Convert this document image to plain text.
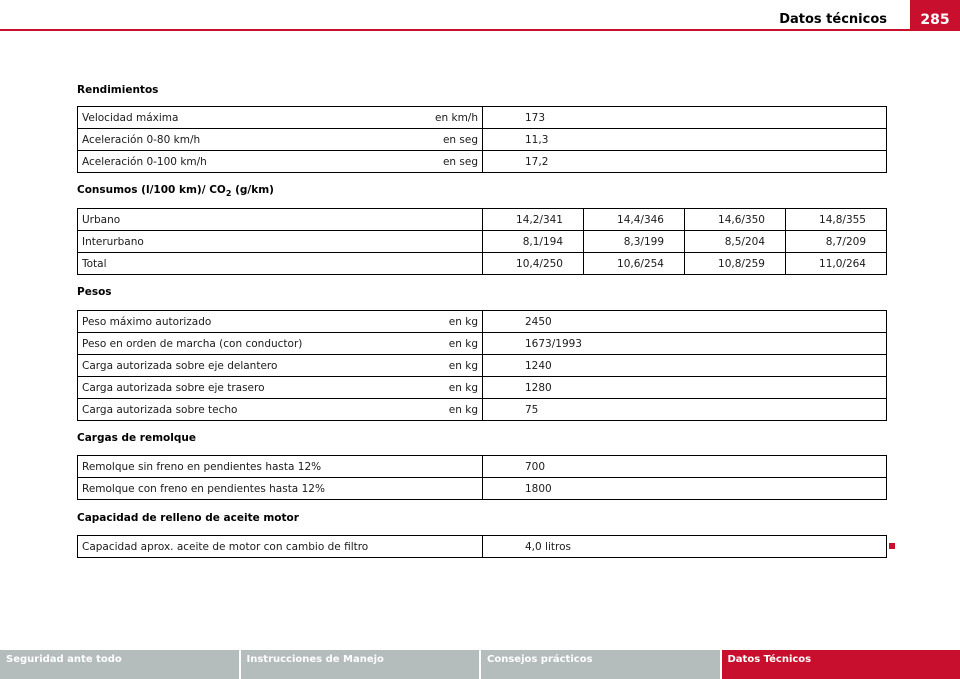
Datos técnicos	285
Rendimientos
Velocidad máxima en km/h	173
Aceleración 0-80 km/h en seg	11,3
Aceleración 0-100 km/h en seg	17,2
Consumos (l/100 km)/ $CO_2$ (g/km)
Urbano	14,2/341	14,4/346	14,6/350	14,8/355
Interurbano	8,1/194	8,3/199	8,5/204	8,7/209
Total	10,4/250	10,6/254	10,8/259	11,0/264
Pesos
Peso máximo autorizado en kg	2450
Peso en orden de marcha (con conductor) en kg	1673/1993
Carga autorizada sobre eje delantero en kg	1240
Carga autorizada sobre eje trasero en kg	1280
Carga autorizada sobre techo en kg	75
Cargas de remolque
Remolque sin freno en pendientes hasta 12%	700
Remolque con freno en pendientes hasta 12%	1800
Capacidad de relleno de aceite motor
Capacidad aprox. aceite de motor con cambio de filtro	4,0 litros
Seguridad ante todo	Instrucciones de Manejo	Consejos prácticos	Datos Técnicos
